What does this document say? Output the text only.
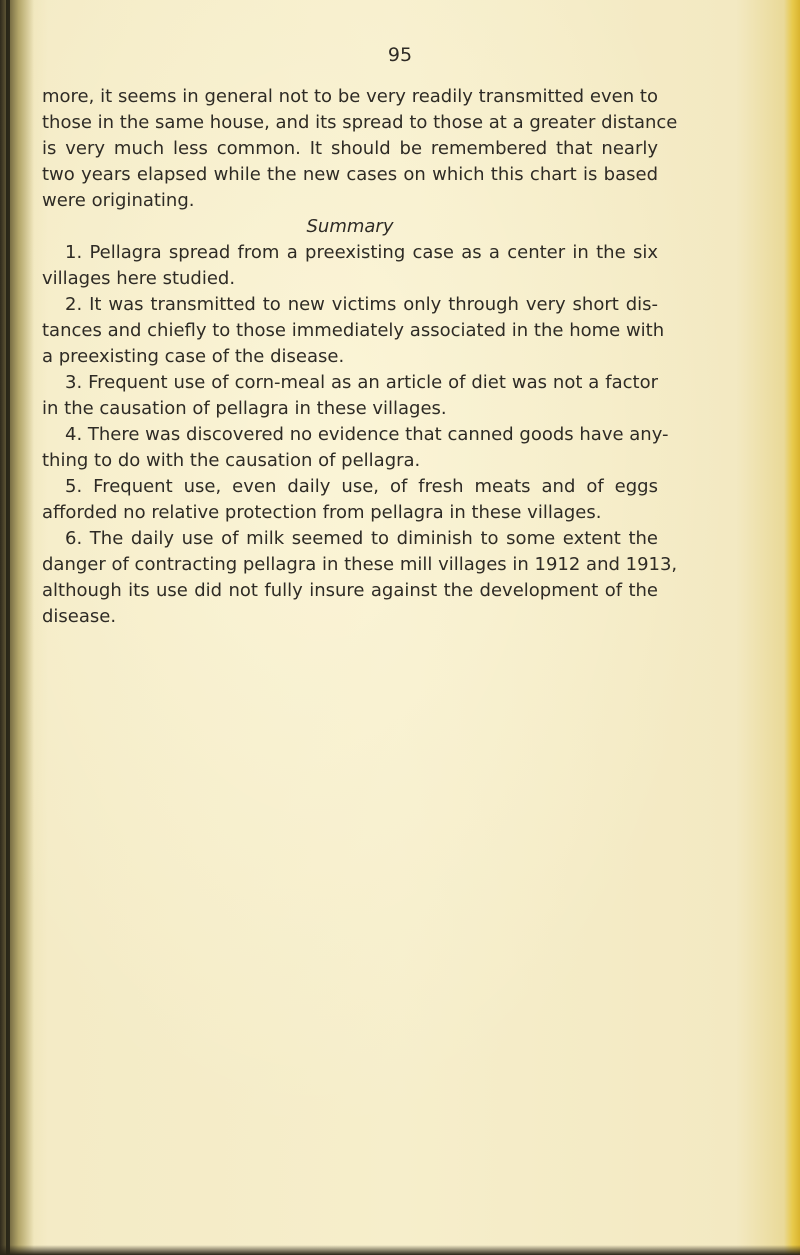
95
more, it seems in general not to be very readily transmitted even to
those in the same house, and its spread to those at a greater distance
is very much less common. It should be remembered that nearly
two years elapsed while the new cases on which this chart is based
were originating.
Summary
1. Pellagra spread from a preexisting case as a center in the six
villages here studied.
2. It was transmitted to new victims only through very short dis-
tances and chiefly to those immediately associated in the home with
a preexisting case of the disease.
3. Frequent use of corn-meal as an article of diet was not a factor
in the causation of pellagra in these villages.
4. There was discovered no evidence that canned goods have any-
thing to do with the causation of pellagra.
5. Frequent use, even daily use, of fresh meats and of eggs
afforded no relative protection from pellagra in these villages.
6. The daily use of milk seemed to diminish to some extent the
danger of contracting pellagra in these mill villages in 1912 and 1913,
although its use did not fully insure against the development of the
disease.
